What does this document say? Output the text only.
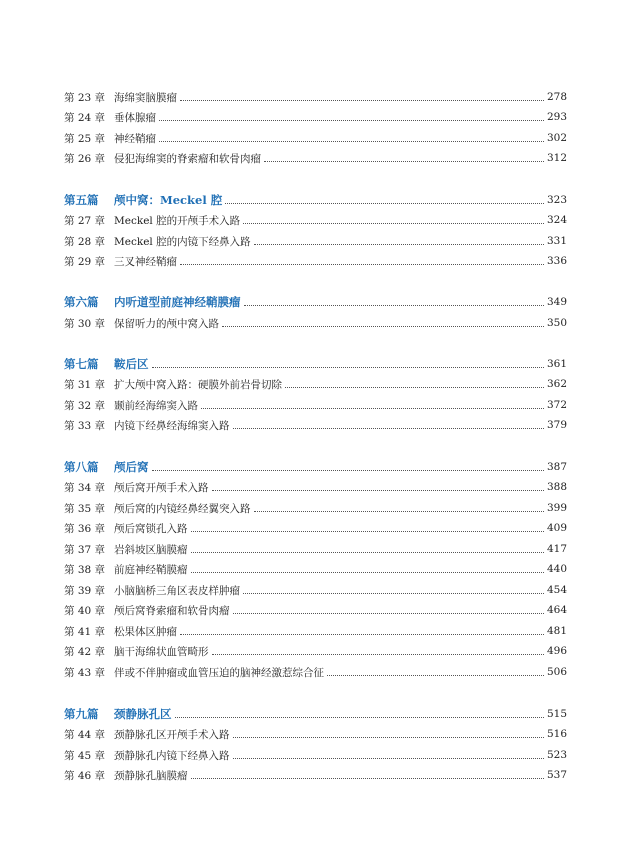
第 23 章 海绵窦脑膜瘤	278
第 24 章 垂体腺瘤	293
第 25 章 神经鞘瘤	302
第 26 章 侵犯海绵窦的脊索瘤和软骨肉瘤	312
第五篇	颅中窝：Meckel 腔	323
第 27 章 Meckel 腔的开颅手术入路	324
第 28 章 Meckel 腔的内镜下经鼻入路	331
第 29 章 三叉神经鞘瘤	336
第六篇	内听道型前庭神经鞘膜瘤	349
第 30 章 保留听力的颅中窝入路	350
第七篇	鞍后区	361
第 31 章 扩大颅中窝入路：硬膜外前岩骨切除	362
第 32 章 颞前经海绵窦入路	372
第 33 章 内镜下经鼻经海绵窦入路	379
第八篇	颅后窝	387
第 34 章 颅后窝开颅手术入路	388
第 35 章 颅后窝的内镜经鼻经翼突入路	399
第 36 章 颅后窝锁孔入路	409
第 37 章 岩斜坡区脑膜瘤	417
第 38 章 前庭神经鞘膜瘤	440
第 39 章 小脑脑桥三角区表皮样肿瘤	454
第 40 章 颅后窝脊索瘤和软骨肉瘤	464
第 41 章 松果体区肿瘤	481
第 42 章 脑干海绵状血管畸形	496
第 43 章 伴或不伴肿瘤或血管压迫的脑神经激惹综合征	506
第九篇	颈静脉孔区	515
第 44 章 颈静脉孔区开颅手术入路	516
第 45 章 颈静脉孔内镜下经鼻入路	523
第 46 章 颈静脉孔脑膜瘤	537
